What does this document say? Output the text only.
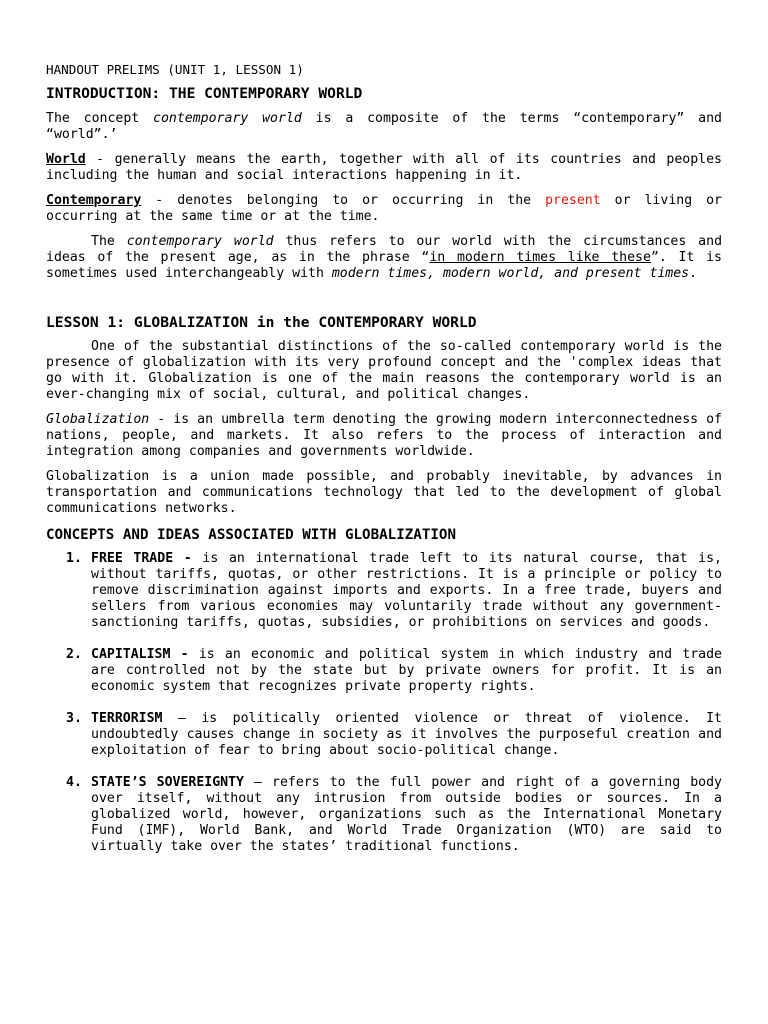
HANDOUT PRELIMS (UNIT 1, LESSON 1)

INTRODUCTION: THE CONTEMPORARY WORLD

The concept contemporary world is a composite of the terms “contemporary” and “world”.’

World - generally means the earth, together with all of its countries and peoples including the human and social interactions happening in it.

Contemporary - denotes belonging to or occurring in the present or living or occurring at the same time or at the time.

The contemporary world thus refers to our world with the circumstances and ideas of the present age, as in the phrase “in modern times like these”. It is sometimes used interchangeably with modern times, modern world, and present times.

LESSON 1: GLOBALIZATION in the CONTEMPORARY WORLD

One of the substantial distinctions of the so-called contemporary world is the presence of globalization with its very profound concept and the 'complex ideas that go with it. Globalization is one of the main reasons the contemporary world is an ever-changing mix of social, cultural, and political changes.

Globalization - is an umbrella term denoting the growing modern interconnectedness of nations, people, and markets. It also refers to the process of interaction and integration among companies and governments worldwide.

Globalization is a union made possible, and probably inevitable, by advances in transportation and communications technology that led to the development of global communications networks.

CONCEPTS AND IDEAS ASSOCIATED WITH GLOBALIZATION
1. FREE TRADE - is an international trade left to its natural course, that is, without tariffs, quotas, or other restrictions. It is a principle or policy to remove discrimination against imports and exports. In a free trade, buyers and sellers from various economies may voluntarily trade without any government-sanctioning tariffs, quotas, subsidies, or prohibitions on services and goods.
2. CAPITALISM - is an economic and political system in which industry and trade are controlled not by the state but by private owners for profit. It is an economic system that recognizes private property rights.
3. TERRORISM – is politically oriented violence or threat of violence. It undoubtedly causes change in society as it involves the purposeful creation and exploitation of fear to bring about socio-political change.
4. STATE’S SOVEREIGNTY – refers to the full power and right of a governing body over itself, without any intrusion from outside bodies or sources. In a globalized world, however, organizations such as the International Monetary Fund (IMF), World Bank, and World Trade Organization (WTO) are said to virtually take over the states’ traditional functions.
